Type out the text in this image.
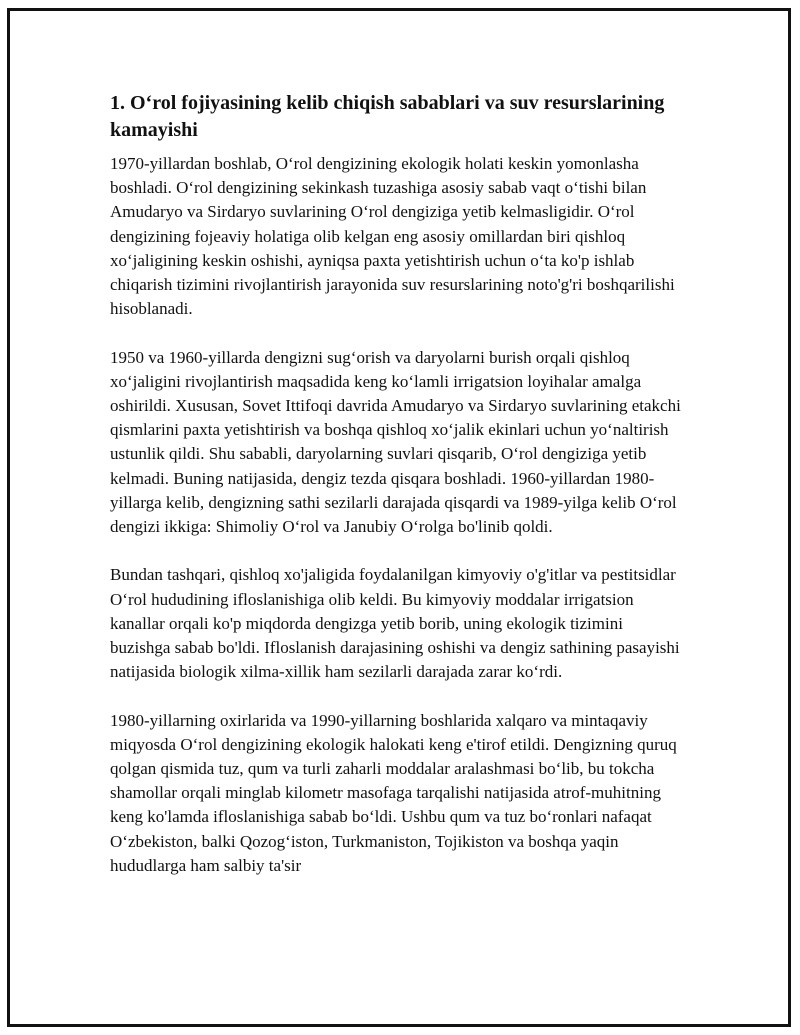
1. O‘rol fojiyasining kelib chiqish sabablari va suv resurslarining kamayishi

1970-yillardan boshlab, O‘rol dengizining ekologik holati keskin yomonlasha boshladi. O‘rol dengizining sekinkash tuzashiga asosiy sabab vaqt o‘tishi bilan Amudaryo va Sirdaryo suvlarining O‘rol dengiziga yetib kelmasligidir. O‘rol dengizining fojeaviy holatiga olib kelgan eng asosiy omillardan biri qishloq xo‘jaligining keskin oshishi, ayniqsa paxta yetishtirish uchun o‘ta ko'p ishlab chiqarish tizimini rivojlantirish jarayonida suv resurslarining noto'g'ri boshqarilishi hisoblanadi.

1950 va 1960-yillarda dengizni sug‘orish va daryolarni burish orqali qishloq xo‘jaligini rivojlantirish maqsadida keng ko‘lamli irrigatsion loyihalar amalga oshirildi. Xususan, Sovet Ittifoqi davrida Amudaryo va Sirdaryo suvlarining etakchi qismlarini paxta yetishtirish va boshqa qishloq xo‘jalik ekinlari uchun yo‘naltirish ustunlik qildi. Shu sababli, daryolarning suvlari qisqarib, O‘rol dengiziga yetib kelmadi. Buning natijasida, dengiz tezda qisqara boshladi. 1960-yillardan 1980-yillarga kelib, dengizning sathi sezilarli darajada qisqardi va 1989-yilga kelib O‘rol dengizi ikkiga: Shimoliy O‘rol va Janubiy O‘rolga bo'linib qoldi.

Bundan tashqari, qishloq xo'jaligida foydalanilgan kimyoviy o'g'itlar va pestitsidlar O‘rol hududining ifloslanishiga olib keldi. Bu kimyoviy moddalar irrigatsion kanallar orqali ko'p miqdorda dengizga yetib borib, uning ekologik tizimini buzishga sabab bo'ldi. Ifloslanish darajasining oshishi va dengiz sathining pasayishi natijasida biologik xilma-xillik ham sezilarli darajada zarar ko‘rdi.

1980-yillarning oxirlarida va 1990-yillarning boshlarida xalqaro va mintaqaviy miqyosda O‘rol dengizining ekologik halokati keng e'tirof etildi. Dengizning quruq qolgan qismida tuz, qum va turli zaharli moddalar aralashmasi bo‘lib, bu tokcha shamollar orqali minglab kilometr masofaga tarqalishi natijasida atrof-muhitning keng ko'lamda ifloslanishiga sabab bo‘ldi. Ushbu qum va tuz bo‘ronlari nafaqat O‘zbekiston, balki Qozog‘iston, Turkmaniston, Tojikiston va boshqa yaqin hududlarga ham salbiy ta'sir
